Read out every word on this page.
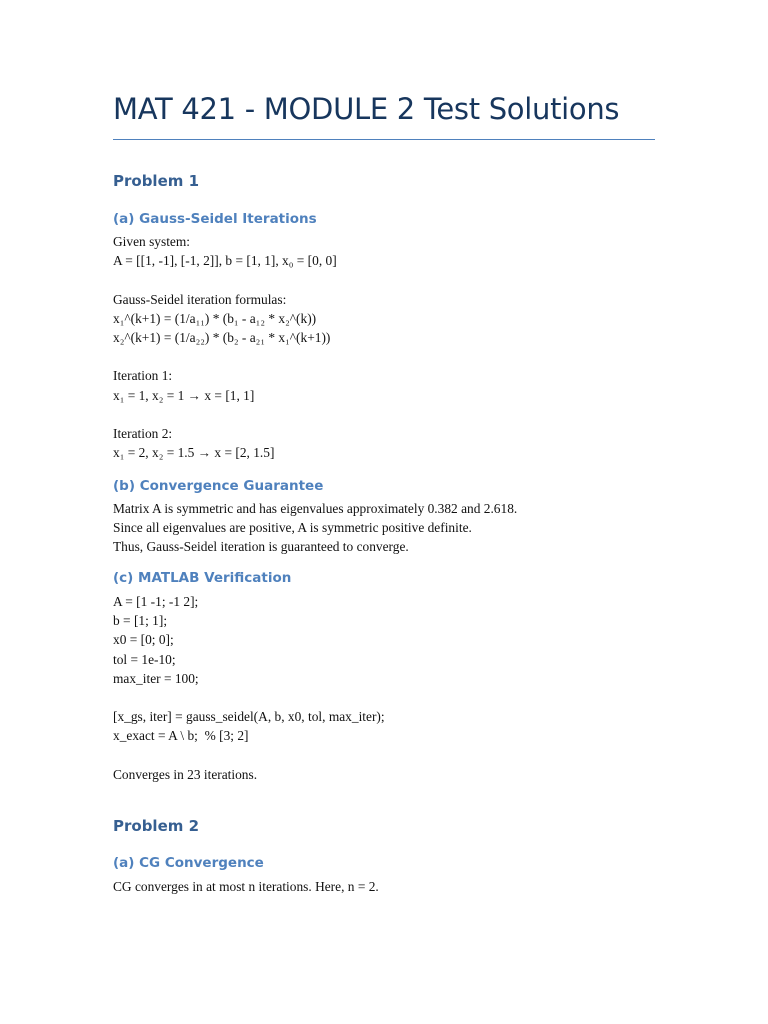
MAT 421 - MODULE 2 Test Solutions
Problem 1
(a) Gauss-Seidel Iterations
Given system:
A = [[1, -1], [-1, 2]], b = [1, 1], x₀ = [0, 0]
Gauss-Seidel iteration formulas:
x₁^(k+1) = (1/a₁₁) * (b₁ - a₁₂ * x₂^(k))
x₂^(k+1) = (1/a₂₂) * (b₂ - a₂₁ * x₁^(k+1))
Iteration 1:
x₁ = 1, x₂ = 1 → x = [1, 1]
Iteration 2:
x₁ = 2, x₂ = 1.5 → x = [2, 1.5]
(b) Convergence Guarantee
Matrix A is symmetric and has eigenvalues approximately 0.382 and 2.618.
Since all eigenvalues are positive, A is symmetric positive definite.
Thus, Gauss-Seidel iteration is guaranteed to converge.
(c) MATLAB Verification
A = [1 -1; -1 2];
b = [1; 1];
x0 = [0; 0];
tol = 1e-10;
max_iter = 100;
[x_gs, iter] = gauss_seidel(A, b, x0, tol, max_iter);
x_exact = A \ b;  % [3; 2]
Converges in 23 iterations.
Problem 2
(a) CG Convergence
CG converges in at most n iterations. Here, n = 2.
